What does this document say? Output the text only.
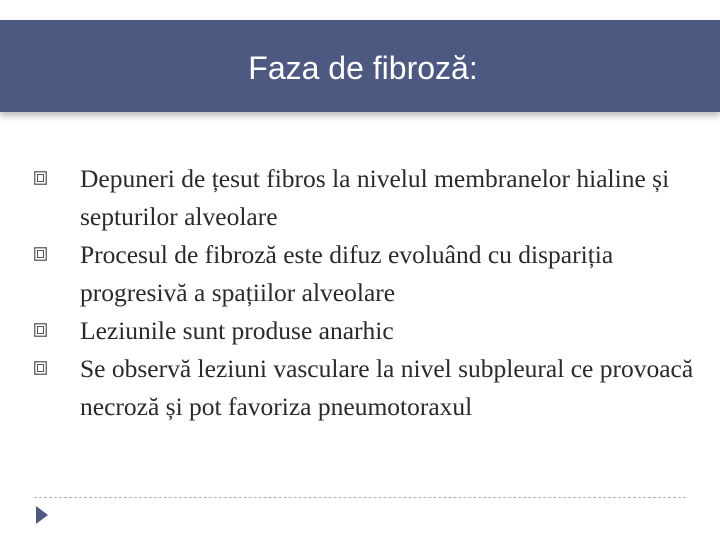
Faza de fibroză:
Depuneri de țesut fibros la nivelul membranelor hialine și septurilor alveolare
Procesul de fibroză este difuz evoluând cu dispariția progresivă a spațiilor alveolare
Leziunile sunt produse anarhic
Se observă leziuni vasculare la nivel subpleural ce provoacă necroză și pot favoriza pneumotoraxul
